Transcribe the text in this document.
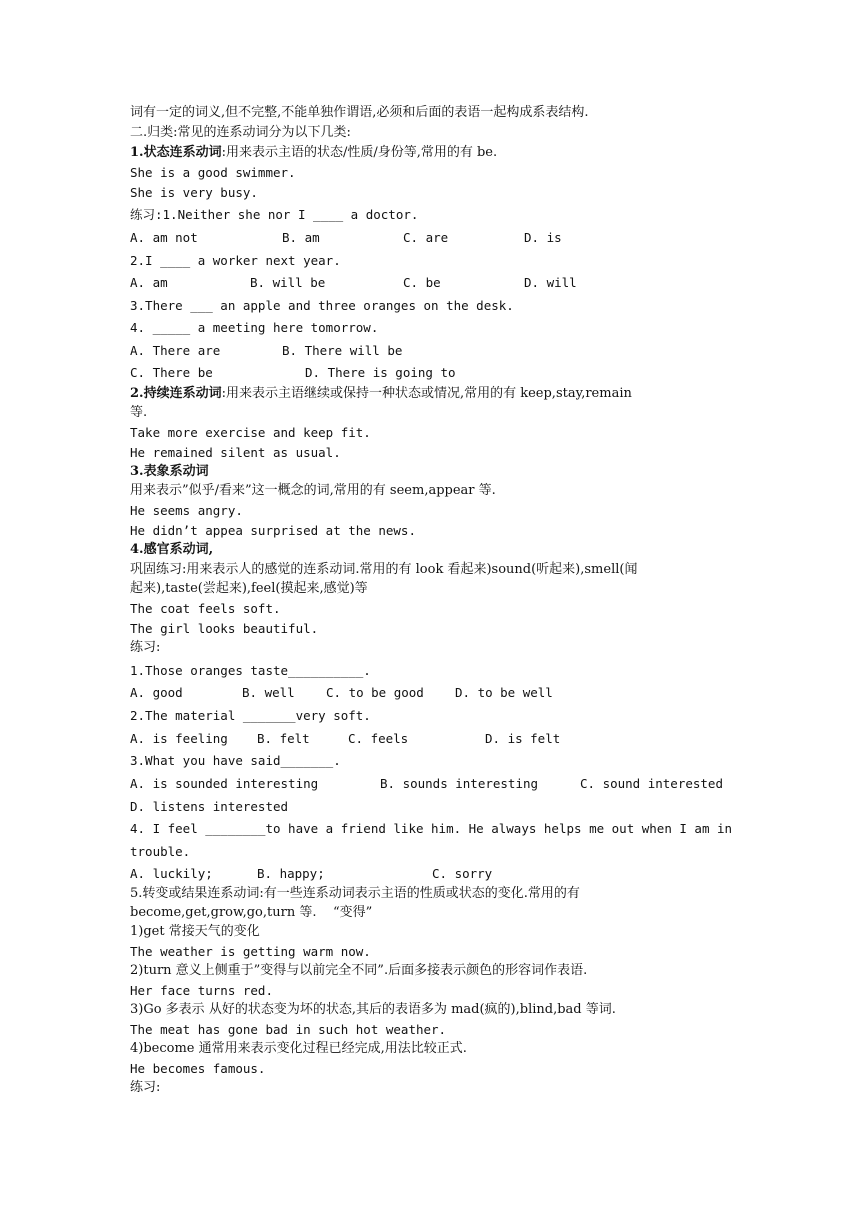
词有一定的词义,但不完整,不能单独作谓语,必须和后面的表语一起构成系表结构.
二.归类:常见的连系动词分为以下几类:
1.状态连系动词:用来表示主语的状态/性质/身份等,常用的有 be.
She is a good swimmer.
She is very busy.
练习:1.Neither she nor I ____ a doctor.
A. am not	B. am	C. are	D. is
2.I ____ a worker next year.
A. am	B. will be	C. be	D. will
3.There ___ an apple and three oranges on the desk.
4. _____ a meeting here tomorrow.
A. There are	B. There will be
C. There be	D. There is going to
2.持续连系动词:用来表示主语继续或保持一种状态或情况,常用的有 keep,stay,remain
等.
Take more exercise and keep fit.
He remained silent as usual.
3.表象系动词
用来表示”似乎/看来”这一概念的词,常用的有 seem,appear 等.
He seems angry.
He didn’t appea surprised at the news.
4.感官系动词,
巩固练习:用来表示人的感觉的连系动词.常用的有 look 看起来)sound(听起来),smell(闻
起来),taste(尝起来),feel(摸起来,感觉)等
The coat feels soft.
The girl looks beautiful.
练习:
1.Those oranges taste__________.
A. good	B. well	C. to be good D. to be well
2.The material _______very soft.
A. is feeling B. felt	C. feels	D. is felt
3.What you have said_______.
A. is sounded interesting	B. sounds interesting	C. sound interested
D. listens interested
4. I feel ________to have a friend like him. He always helps me out when I am in
trouble.
A. luckily;	B. happy;	C. sorry
5.转变或结果连系动词:有一些连系动词表示主语的性质或状态的变化.常用的有
become,get,grow,go,turn 等.    “变得”
1)get 常接天气的变化
The weather is getting warm now.
2)turn 意义上侧重于”变得与以前完全不同”.后面多接表示颜色的形容词作表语.
Her face turns red.
3)Go 多表示 从好的状态变为坏的状态,其后的表语多为 mad(疯的),blind,bad 等词.
The meat has gone bad in such hot weather.
4)become 通常用来表示变化过程已经完成,用法比较正式.
He becomes famous.
练习:
